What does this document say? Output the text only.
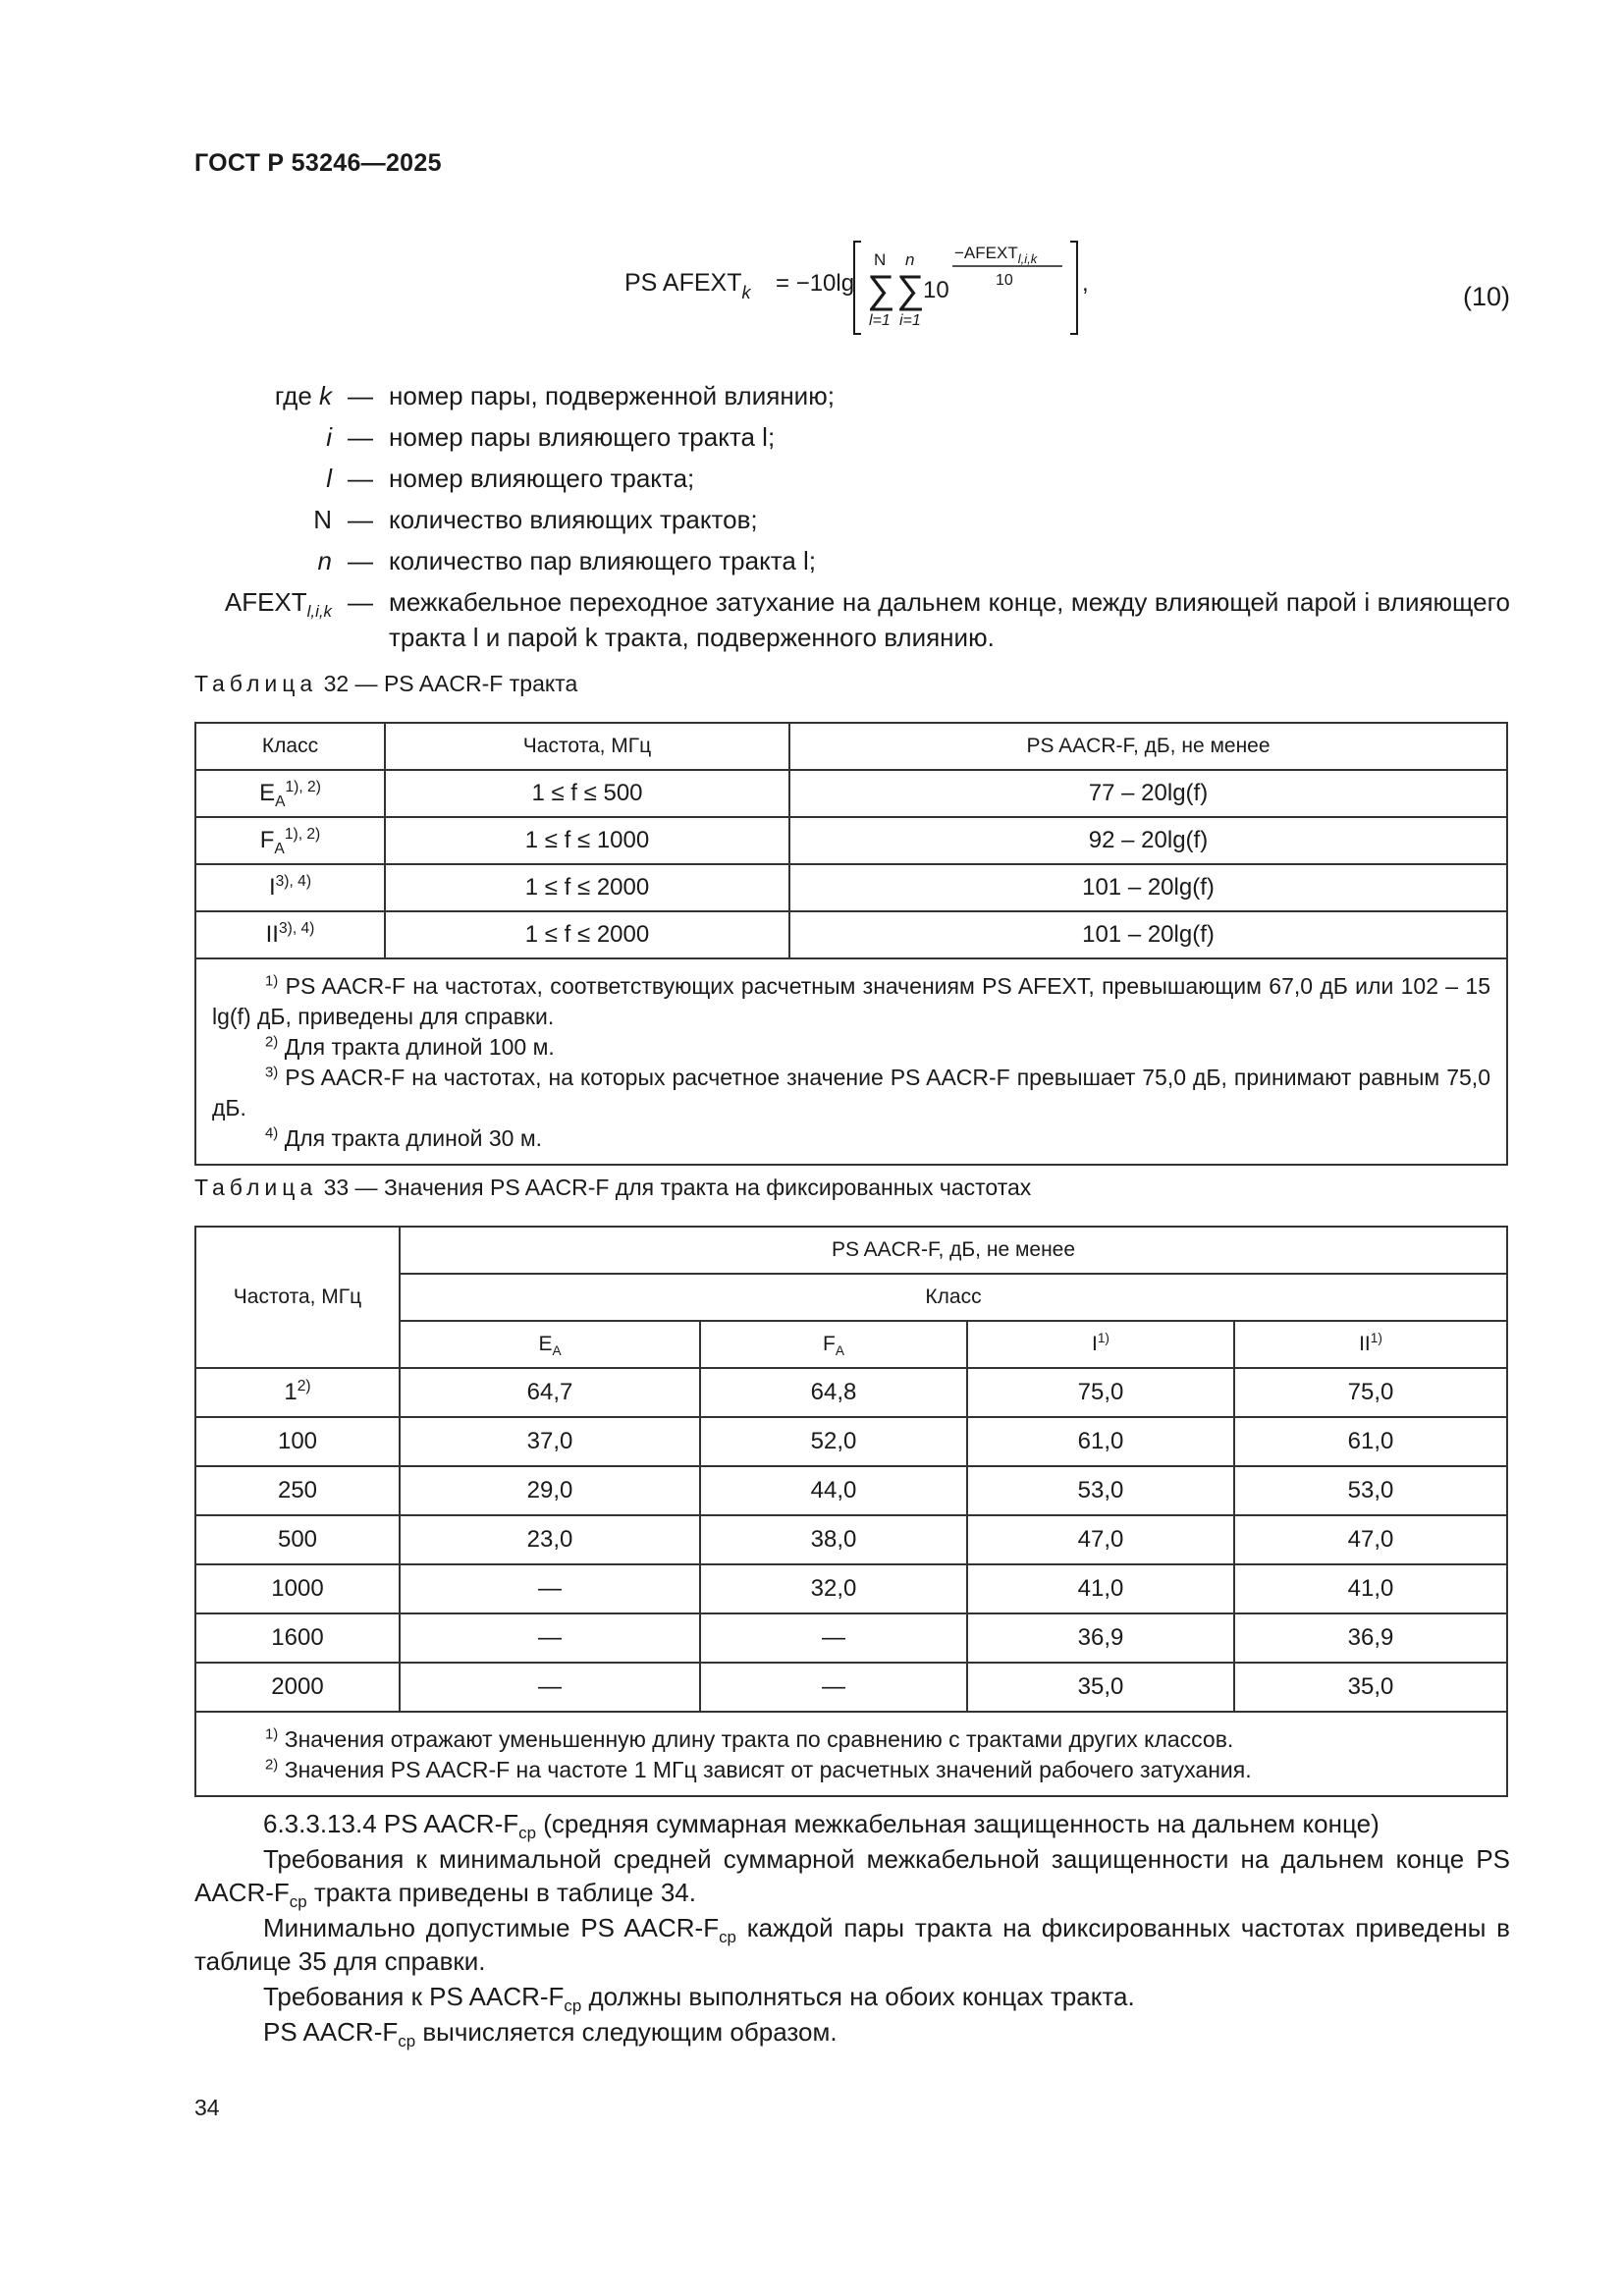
ГОСТ Р 53246—2025
PS $AFEXT_k = -10\lg$
N n
∑ ∑
l=1 i=1
10
$-AFEXT_{l,i,k}$
10	,	(10)
где k — номер пары, подверженной влиянию;
i — номер пары влияющего тракта l;
l — номер влияющего тракта;
N — количество влияющих трактов;
n — количество пар влияющего тракта l;
$AFEXT_{l,i,k}$ — межкабельное переходное затухание на дальнем конце, между влияющей парой i влияющего тракта l и парой k тракта, подверженного влиянию.
Таблица 32 — PS AACR-F тракта
Класс	Частота, МГц	PS AACR-F, дБ, не менее
$E_A^{1), 2)}$	1 ≤ f ≤ 500	77 – 20lg(f)
$F_A^{1), 2)}$	1 ≤ f ≤ 1000	92 – 20lg(f)
$I^{3), 4)}$	1 ≤ f ≤ 2000	101 – 20lg(f)
$II^{3), 4)}$	1 ≤ f ≤ 2000	101 – 20lg(f)

$^{1)}$ PS AACR-F на частотах, соответствующих расчетным значениям PS AFEXT, превышающим 67,0 дБ или 102 – 15 lg(f) дБ, приведены для справки.

$^{2)}$ Для тракта длиной 100 м.

$^{3)}$ PS AACR-F на частотах, на которых расчетное значение PS AACR-F превышает 75,0 дБ, принимают равным 75,0 дБ.

$^{4)}$ Для тракта длиной 30 м.		

Таблица 33 — Значения PS AACR-F для тракта на фиксированных частотах
Частота, МГц	PS AACR-F, дБ, не менее			
	Класс			
	$E_A$	$F_A$	$I^{1)}$	II$^{1)}$
1$^{2)}$	64,7	64,8	75,0	75,0
100	37,0	52,0	61,0	61,0
250	29,0	44,0	53,0	53,0
500	23,0	38,0	47,0	47,0
1000	—	32,0	41,0	41,0
1600	—	—	36,9	36,9
2000	—	—	35,0	35,0

$^{1)}$ Значения отражают уменьшенную длину тракта по сравнению с трактами других классов.

$^{2)}$ Значения PS AACR-F на частоте 1 МГц зависят от расчетных значений рабочего затухания.				

6.3.3.13.4 PS AACR-$F_{ср}$ (средняя суммарная межкабельная защищенность на дальнем конце)

Требования к минимальной средней суммарной межкабельной защищенности на дальнем конце PS AACR-$F_{ср}$ тракта приведены в таблице 34.

Минимально допустимые PS AACR-$F_{ср}$ каждой пары тракта на фиксированных частотах приведены в таблице 35 для справки.

Требования к PS AACR-$F_{ср}$ должны выполняться на обоих концах тракта.

PS AACR-$F_{ср}$ вычисляется следующим образом.

34
